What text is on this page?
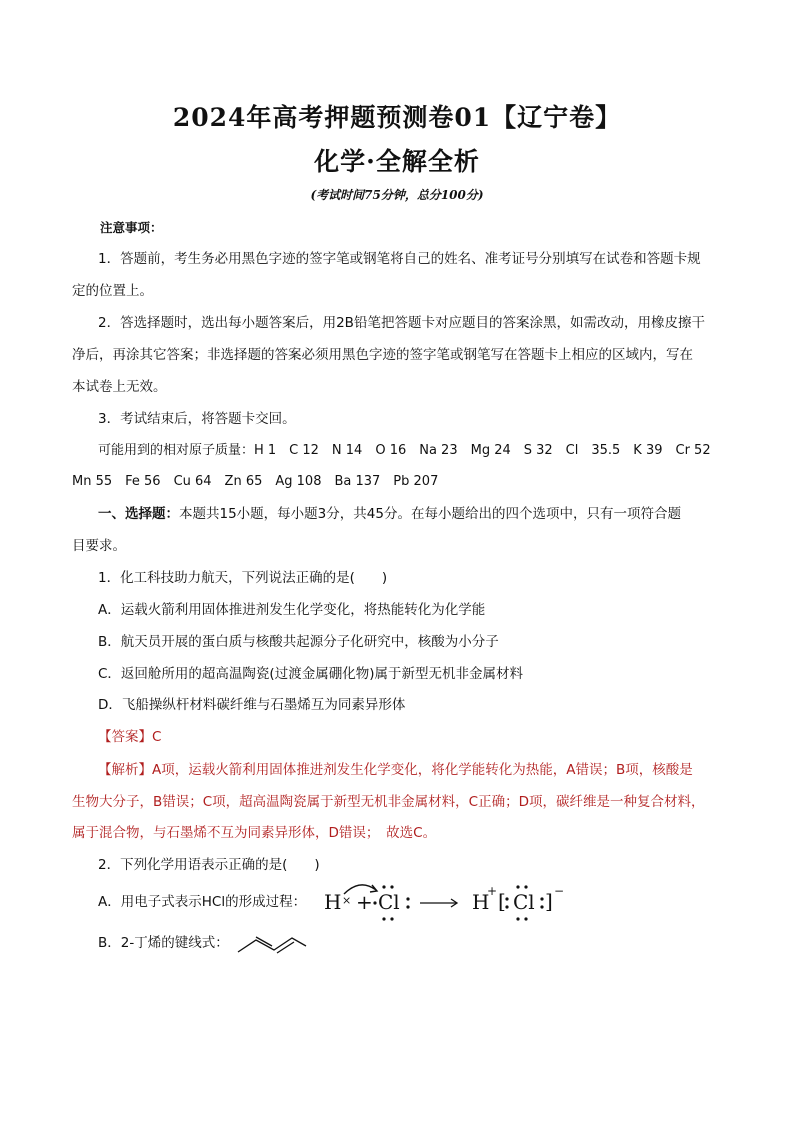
2024年高考押题预测卷01【辽宁卷】
化学·全解全析
(考试时间75分钟，总分100分)
注意事项：
1．答题前，考生务必用黑色字迹的签字笔或钢笔将自己的姓名、准考证号分别填写在试卷和答题卡规
定的位置上。
2．答选择题时，选出每小题答案后，用2B铅笔把答题卡对应题目的答案涂黑，如需改动，用橡皮擦干
净后，再涂其它答案；非选择题的答案必须用黑色字迹的签字笔或钢笔写在答题卡上相应的区域内，写在
本试卷上无效。
3．考试结束后，将答题卡交回。
可能用到的相对原子质量：H 1　C 12　N 14　O 16　Na 23　Mg 24　S 32　Cl　35.5　K 39　Cr 52
Mn 55　Fe 56　Cu 64　Zn 65　Ag 108　Ba 137　Pb 207
一、选择题：本题共15小题，每小题3分，共45分。在每小题给出的四个选项中，只有一项符合题
目要求。
1．化工科技助力航天，下列说法正确的是(　　)
A．运载火箭利用固体推进剂发生化学变化，将热能转化为化学能
B．航天员开展的蛋白质与核酸共起源分子化研究中，核酸为小分子
C．返回舱所用的超高温陶瓷(过渡金属硼化物)属于新型无机非金属材料
D．飞船操纵杆材料碳纤维与石墨烯互为同素异形体
【答案】C
【解析】A项，运载火箭利用固体推进剂发生化学变化，将化学能转化为热能，A错误；B项，核酸是
生物大分子，B错误；C项，超高温陶瓷属于新型无机非金属材料，C正确；D项，碳纤维是一种复合材料，
属于混合物，与石墨烯不互为同素异形体，D错误；　故选C。
2．下列化学用语表示正确的是(　　)
A．用电子式表示HCl的形成过程： H × + Cl	H
+ [ Cl ] −
B．2-丁烯的键线式：
